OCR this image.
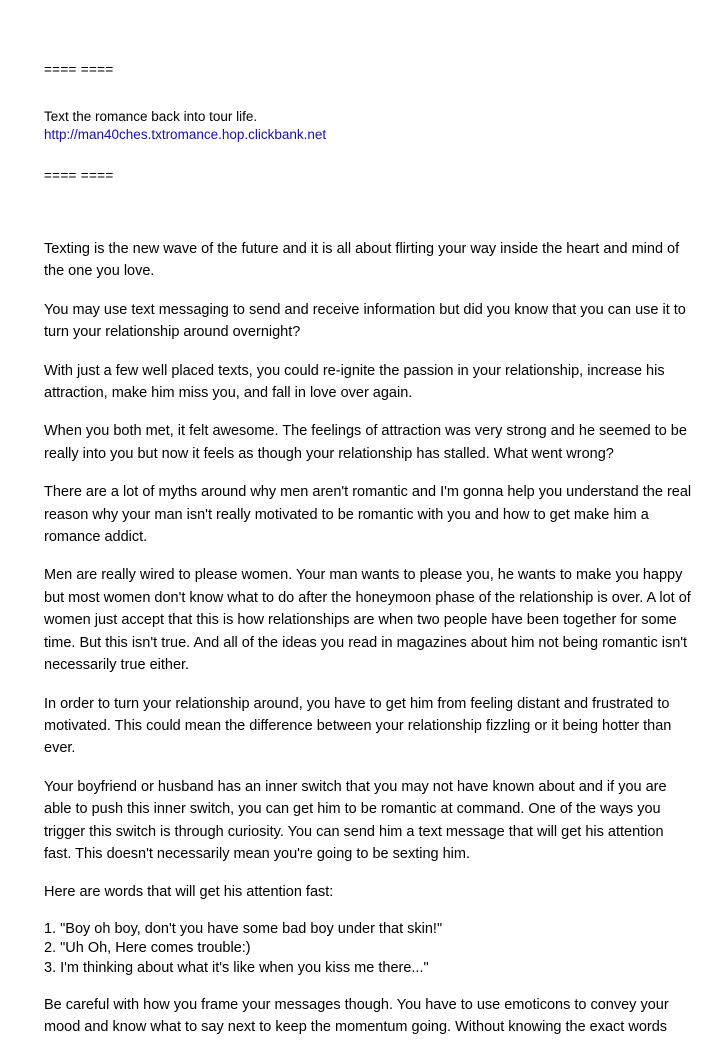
==== ====

Text the romance back into tour life.

http://man40ches.txtromance.hop.clickbank.net

==== ====

Texting is the new wave of the future and it is all about flirting your way inside the heart and mind of the one you love.

You may use text messaging to send and receive information but did you know that you can use it to turn your relationship around overnight?

With just a few well placed texts, you could re-ignite the passion in your relationship, increase his attraction, make him miss you, and fall in love over again.

When you both met, it felt awesome. The feelings of attraction was very strong and he seemed to be really into you but now it feels as though your relationship has stalled. What went wrong?

There are a lot of myths around why men aren't romantic and I'm gonna help you understand the real reason why your man isn't really motivated to be romantic with you and how to get make him a romance addict.

Men are really wired to please women. Your man wants to please you, he wants to make you happy but most women don't know what to do after the honeymoon phase of the relationship is over. A lot of women just accept that this is how relationships are when two people have been together for some time. But this isn't true. And all of the ideas you read in magazines about him not being romantic isn't necessarily true either.

In order to turn your relationship around, you have to get him from feeling distant and frustrated to motivated. This could mean the difference between your relationship fizzling or it being hotter than ever.

Your boyfriend or husband has an inner switch that you may not have known about and if you are able to push this inner switch, you can get him to be romantic at command. One of the ways you trigger this switch is through curiosity. You can send him a text message that will get his attention fast. This doesn't necessarily mean you're going to be sexting him.

Here are words that will get his attention fast:

1. "Boy oh boy, don't you have some bad boy under that skin!"
2. "Uh Oh, Here comes trouble:)
3. I'm thinking about what it's like when you kiss me there..."

Be careful with how you frame your messages though. You have to use emoticons to convey your mood and know what to say next to keep the momentum going. Without knowing the exact words
